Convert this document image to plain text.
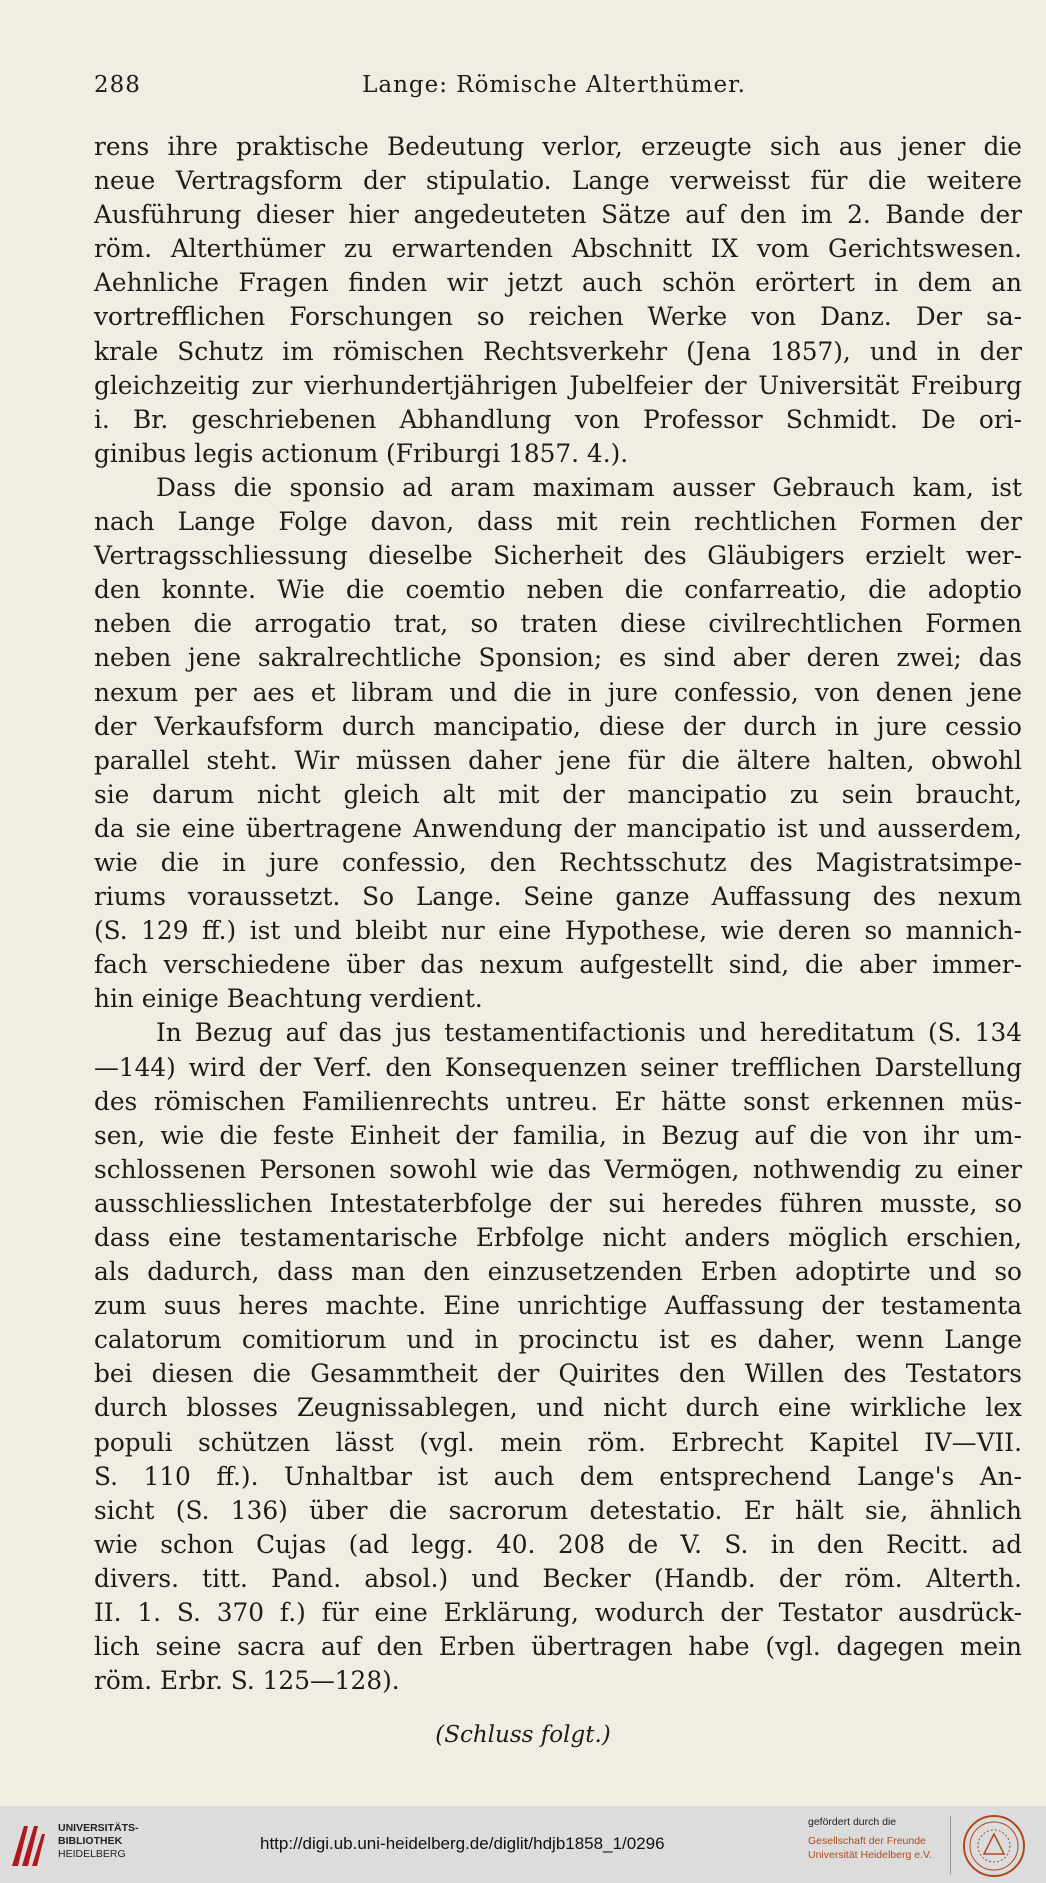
288	Lange: Römische Alterthümer.
rens ihre praktische Bedeutung verlor, erzeugte sich aus jener die
neue Vertragsform der stipulatio. Lange verweisst für die weitere
Ausführung dieser hier angedeuteten Sätze auf den im 2. Bande der
röm. Alterthümer zu erwartenden Abschnitt IX vom Gerichtswesen.
Aehnliche Fragen finden wir jetzt auch schön erörtert in dem an
vortrefflichen Forschungen so reichen Werke von Danz. Der sa-
krale Schutz im römischen Rechtsverkehr (Jena 1857), und in der
gleichzeitig zur vierhundertjährigen Jubelfeier der Universität Freiburg
i. Br. geschriebenen Abhandlung von Professor Schmidt. De ori-
ginibus legis actionum (Friburgi 1857. 4.).
Dass die sponsio ad aram maximam ausser Gebrauch kam, ist
nach Lange Folge davon, dass mit rein rechtlichen Formen der
Vertragsschliessung dieselbe Sicherheit des Gläubigers erzielt wer-
den konnte. Wie die coemtio neben die confarreatio, die adoptio
neben die arrogatio trat, so traten diese civilrechtlichen Formen
neben jene sakralrechtliche Sponsion; es sind aber deren zwei; das
nexum per aes et libram und die in jure confessio, von denen jene
der Verkaufsform durch mancipatio, diese der durch in jure cessio
parallel steht. Wir müssen daher jene für die ältere halten, obwohl
sie darum nicht gleich alt mit der mancipatio zu sein braucht,
da sie eine übertragene Anwendung der mancipatio ist und ausserdem,
wie die in jure confessio, den Rechtsschutz des Magistratsimpe-
riums voraussetzt. So Lange. Seine ganze Auffassung des nexum
(S. 129 ff.) ist und bleibt nur eine Hypothese, wie deren so mannich-
fach verschiedene über das nexum aufgestellt sind, die aber immer-
hin einige Beachtung verdient.
In Bezug auf das jus testamentifactionis und hereditatum (S. 134
—144) wird der Verf. den Konsequenzen seiner trefflichen Darstellung
des römischen Familienrechts untreu. Er hätte sonst erkennen müs-
sen, wie die feste Einheit der familia, in Bezug auf die von ihr um-
schlossenen Personen sowohl wie das Vermögen, nothwendig zu einer
ausschliesslichen Intestaterbfolge der sui heredes führen musste, so
dass eine testamentarische Erbfolge nicht anders möglich erschien,
als dadurch, dass man den einzusetzenden Erben adoptirte und so
zum suus heres machte. Eine unrichtige Auffassung der testamenta
calatorum comitiorum und in procinctu ist es daher, wenn Lange
bei diesen die Gesammtheit der Quirites den Willen des Testators
durch blosses Zeugnissablegen, und nicht durch eine wirkliche lex
populi schützen lässt (vgl. mein röm. Erbrecht Kapitel IV—VII.
S. 110 ff.). Unhaltbar ist auch dem entsprechend Lange's An-
sicht (S. 136) über die sacrorum detestatio. Er hält sie, ähnlich
wie schon Cujas (ad legg. 40. 208 de V. S. in den Recitt. ad
divers. titt. Pand. absol.) und Becker (Handb. der röm. Alterth.
II. 1. S. 370 f.) für eine Erklärung, wodurch der Testator ausdrück-
lich seine sacra auf den Erben übertragen habe (vgl. dagegen mein
röm. Erbr. S. 125—128).
(Schluss folgt.)
UNIVERSITÄTS-
BIBLIOTHEK
HEIDELBERG
http://digi.ub.uni-heidelberg.de/diglit/hdjb1858_1/0296
gefördert durch die
Gesellschaft der Freunde
Universität Heidelberg e.V.
